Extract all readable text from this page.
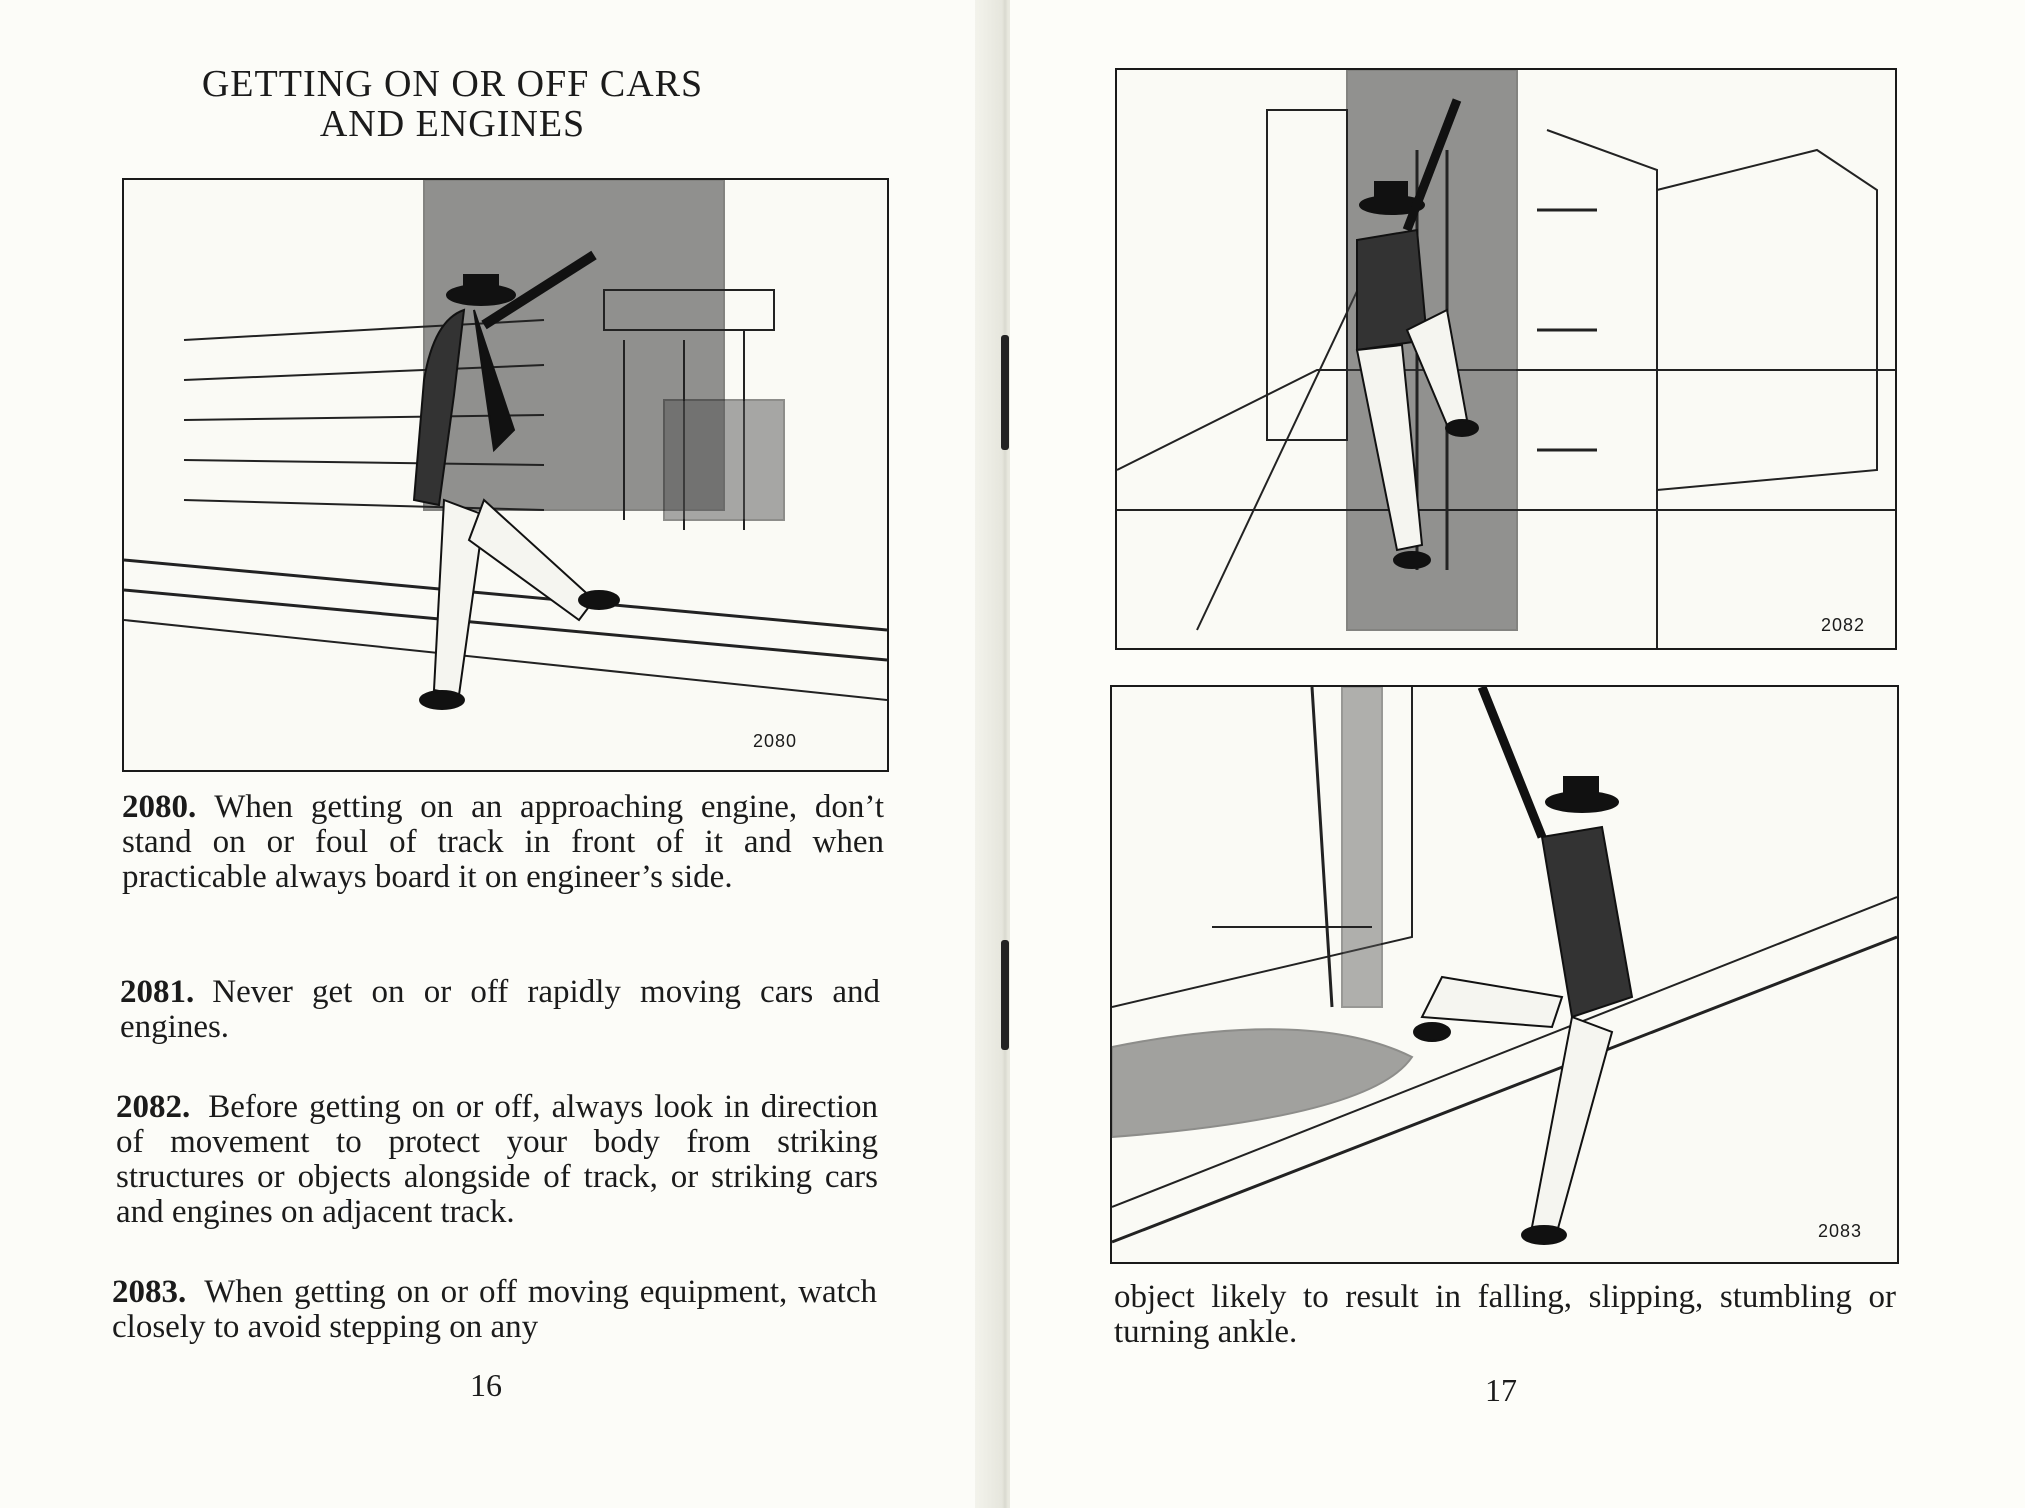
GETTING ON OR OFF CARS
AND ENGINES
2080

2080. When getting on an approaching engine, don’t stand on or foul of track in front of it and when practicable always board it on engineer’s side.

2081. Never get on or off rapidly moving cars and engines.

2082. Before getting on or off, always look in direction of movement to protect your body from striking structures or objects alongside of track, or striking cars and engines on adjacent track.

2083. When getting on or off moving equipment, watch closely to avoid stepping on any

16
2082
2083

object likely to result in falling, slipping, stumbling or turning ankle.

17
